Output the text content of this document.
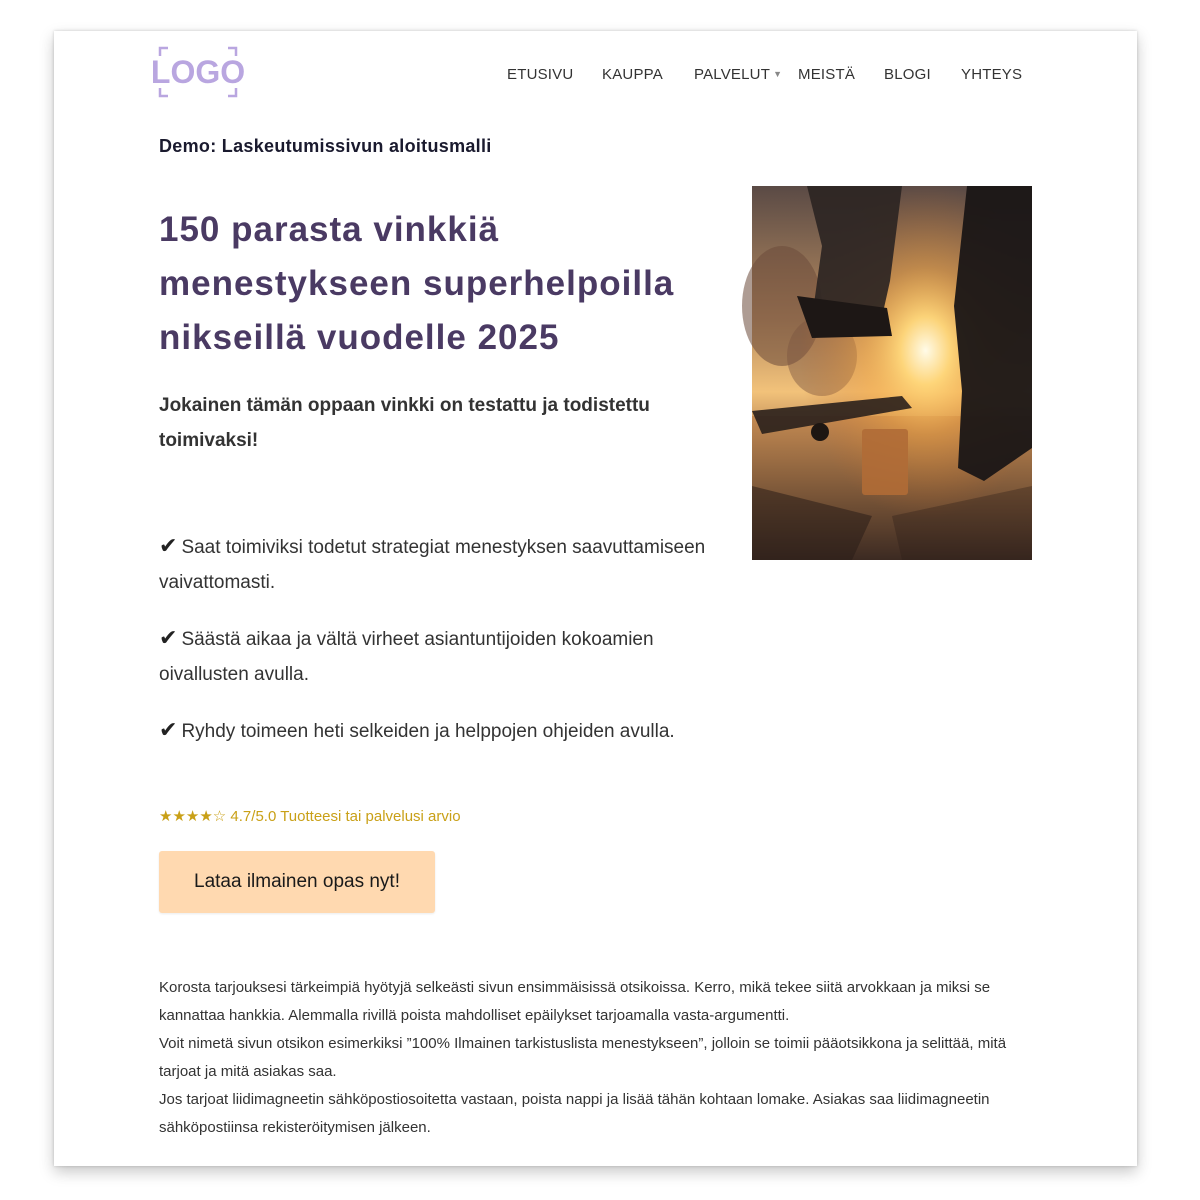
LOGO	ETUSIVU KAUPPA PALVELUT ▼ MEISTÄ BLOGI YHTEYS
Demo: Laskeutumissivun aloitusmalli
150 parasta vinkkiä menestykseen superhelpoilla nikseillä vuodelle 2025

Jokainen tämän oppaan vinkki on testattu ja todistettu toimivaksi!

✔ Saat toimiviksi todetut strategiat menestyksen saavuttamiseen vaivattomasti.
✔ Säästä aikaa ja vältä virheet asiantuntijoiden kokoamien oivallusten avulla.
✔ Ryhdy toimeen heti selkeiden ja helppojen ohjeiden avulla.
★★★★☆ 4.7/5.0 Tuotteesi tai palvelusi arvio
Lataa ilmainen opas nyt!

Korosta tarjouksesi tärkeimpiä hyötyjä selkeästi sivun ensimmäisissä otsikoissa. Kerro, mikä tekee siitä arvokkaan ja miksi se kannattaa hankkia. Alemmalla rivillä poista mahdolliset epäilykset tarjoamalla vasta-argumentti.

Voit nimetä sivun otsikon esimerkiksi ”100% Ilmainen tarkistuslista menestykseen”, jolloin se toimii pääotsikkona ja selittää, mitä tarjoat ja mitä asiakas saa.

Jos tarjoat liidimagneetin sähköpostiosoitetta vastaan, poista nappi ja lisää tähän kohtaan lomake. Asiakas saa liidimagneetin sähköpostiinsa rekisteröitymisen jälkeen.
